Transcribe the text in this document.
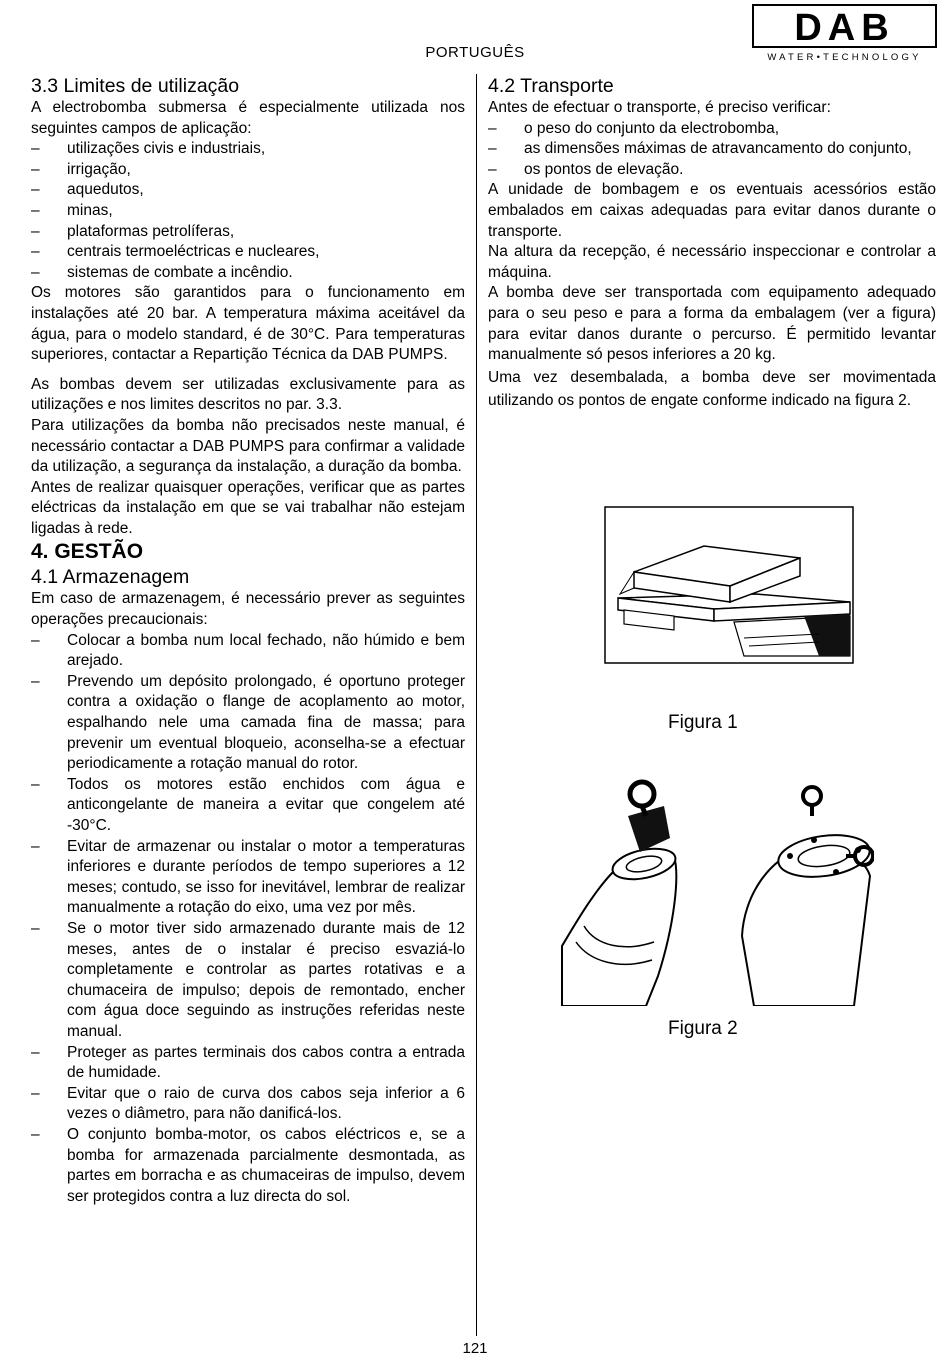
PORTUGUÊS
DAB
WATER•TECHNOLOGY
3.3 Limites de utilização

A electrobomba submersa é especialmente utilizada nos seguintes campos de aplicação:

– utilizações civis e industriais,
– irrigação,
– aquedutos,
– minas,
– plataformas petrolíferas,
– centrais termoeléctricas e nucleares,
– sistemas de combate a incêndio.

Os motores são garantidos para o funcionamento em instalações até 20 bar. A temperatura máxima aceitável da água, para o modelo standard, é de 30°C. Para temperaturas superiores, contactar a Repartição Técnica da DAB PUMPS.

As bombas devem ser utilizadas exclusivamente para as utilizações e nos limites descritos no par. 3.3.

Para utilizações da bomba não precisados neste manual, é necessário contactar a DAB PUMPS para confirmar a validade da utilização, a segurança da instalação, a duração da bomba.

Antes de realizar quaisquer operações, verificar que as partes eléctricas da instalação em que se vai trabalhar não estejam ligadas à rede.

4. GESTÃO
4.1 Armazenagem

Em caso de armazenagem, é necessário prever as seguintes operações precaucionais:

– Colocar a bomba num local fechado, não húmido e bem arejado.
– Prevendo um depósito prolongado, é oportuno proteger contra a oxidação o flange de acoplamento ao motor, espalhando nele uma camada fina de massa; para prevenir um eventual bloqueio, aconselha-se a efectuar periodicamente a rotação manual do rotor.
– Todos os motores estão enchidos com água e anticongelante de maneira a evitar que congelem até -30°C.
– Evitar de armazenar ou instalar o motor a temperaturas inferiores e durante períodos de tempo superiores a 12 meses; contudo, se isso for inevitável, lembrar de realizar manualmente a rotação do eixo, uma vez por mês.
– Se o motor tiver sido armazenado durante mais de 12 meses, antes de o instalar é preciso esvaziá-lo completamente e controlar as partes rotativas e a chumaceira de impulso; depois de remontado, encher com água doce seguindo as instruções referidas neste manual.
– Proteger as partes terminais dos cabos contra a entrada de humidade.
– Evitar que o raio de curva dos cabos seja inferior a 6 vezes o diâmetro, para não danificá-los.
– O conjunto bomba-motor, os cabos eléctricos e, se a bomba for armazenada parcialmente desmontada, as partes em borracha e as chumaceiras de impulso, devem ser protegidos contra a luz directa do sol.
4.2 Transporte

Antes de efectuar o transporte, é preciso verificar:

– o peso do conjunto da electrobomba,
– as dimensões máximas de atravancamento do conjunto,
– os pontos de elevação.

A unidade de bombagem e os eventuais acessórios estão embalados em caixas adequadas para evitar danos durante o transporte.

Na altura da recepção, é necessário inspeccionar e controlar a máquina.

A bomba deve ser transportada com equipamento adequado para o seu peso e para a forma da embalagem (ver a figura) para evitar danos durante o percurso. É permitido levantar manualmente só pesos inferiores a 20 kg.

Uma vez desembalada, a bomba deve ser movimentada utilizando os pontos de engate conforme indicado na figura 2.

Figura 1
Figura 2
121
